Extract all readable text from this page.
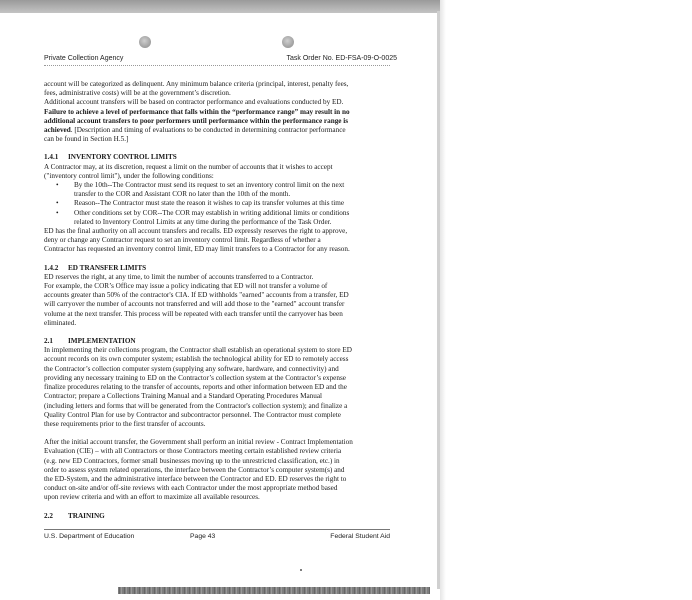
Private Collection Agency	Task Order No. ED-FSA-09-O-0025

account will be categorized as delinquent. Any minimum balance criteria (principal, interest, penalty fees,

fees, administrative costs) will be at the government’s discretion.

Additional account transfers will be based on contractor performance and evaluations conducted by ED.

Failure to achieve a level of performance that falls within the “performance range” may result in no

additional account transfers to poor performers until performance within the performance range is

achieved. [Description and timing of evaluations to be conducted in determining contractor performance

can be found in Section H.5.]

1.4.1 INVENTORY CONTROL LIMITS

A Contractor may, at its discretion, request a limit on the number of accounts that it wishes to accept

("inventory control limit"), under the following conditions:

• By the 10th--The Contractor must send its request to set an inventory control limit on the next
transfer to the COR and Assistant COR no later than the 10th of the month.
• Reason--The Contractor must state the reason it wishes to cap its transfer volumes at this time
• Other conditions set by COR--The COR may establish in writing additional limits or conditions
related to Inventory Control Limits at any time during the performance of the Task Order.

ED has the final authority on all account transfers and recalls. ED expressly reserves the right to approve,

deny or change any Contractor request to set an inventory control limit. Regardless of whether a

Contractor has requested an inventory control limit, ED may limit transfers to a Contractor for any reason.

1.4.2 ED TRANSFER LIMITS

ED reserves the right, at any time, to limit the number of accounts transferred to a Contractor.

For example, the COR’s Office may issue a policy indicating that ED will not transfer a volume of

accounts greater than 50% of the contractor's CIA. If ED withholds "earned" accounts from a transfer, ED

will carryover the number of accounts not transferred and will add those to the "earned" account transfer

volume at the next transfer. This process will be repeated with each transfer until the carryover has been

eliminated.

2.1 IMPLEMENTATION

In implementing their collections program, the Contractor shall establish an operational system to store ED

account records on its own computer system; establish the technological ability for ED to remotely access

the Contractor’s collection computer system (supplying any software, hardware, and connectivity) and

providing any necessary training to ED on the Contractor’s collection system at the Contractor’s expense

finalize procedures relating to the transfer of accounts, reports and other information between ED and the

Contractor; prepare a Collections Training Manual and a Standard Operating Procedures Manual

(including letters and forms that will be generated from the Contractor's collection system); and finalize a

Quality Control Plan for use by Contractor and subcontractor personnel. The Contractor must complete

these requirements prior to the first transfer of accounts.

After the initial account transfer, the Government shall perform an initial review - Contract Implementation

Evaluation (CIE) – with all Contractors or those Contractors meeting certain established review criteria

(e.g. new ED Contractors, former small businesses moving up to the unrestricted classification, etc.) in

order to assess system related operations, the interface between the Contractor’s computer system(s) and

the ED-System, and the administrative interface between the Contractor and ED. ED reserves the right to

conduct on-site and/or off-site reviews with each Contractor under the most appropriate method based

upon review criteria and with an effort to maximize all available resources.

2.2 TRAINING

U.S. Department of Education	Page 43	Federal Student Aid
